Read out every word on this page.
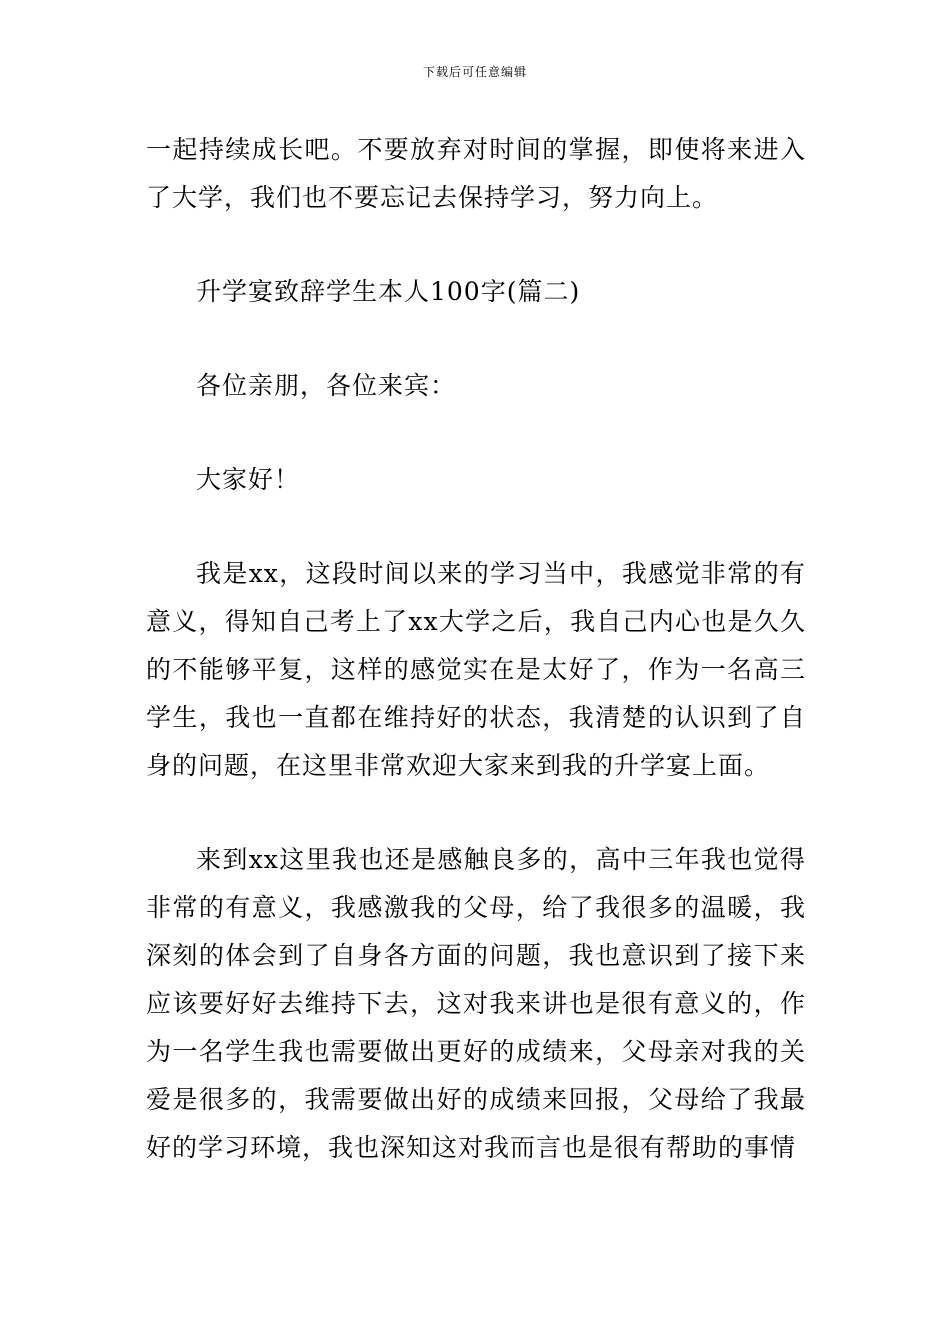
下载后可任意编辑

一起持续成长吧。不要放弃对时间的掌握，即使将来进入了大学，我们也不要忘记去保持学习，努力向上。

升学宴致辞学生本人100字(篇二)

各位亲朋，各位来宾：

大家好！

我是xx，这段时间以来的学习当中，我感觉非常的有意义，得知自己考上了xx大学之后，我自己内心也是久久的不能够平复，这样的感觉实在是太好了，作为一名高三学生，我也一直都在维持好的状态，我清楚的认识到了自身的问题，在这里非常欢迎大家来到我的升学宴上面。

来到xx这里我也还是感触良多的，高中三年我也觉得非常的有意义，我感激我的父母，给了我很多的温暖，我深刻的体会到了自身各方面的问题，我也意识到了接下来应该要好好去维持下去，这对我来讲也是很有意义的，作为一名学生我也需要做出更好的成绩来，父母亲对我的关爱是很多的，我需要做出好的成绩来回报，父母给了我最好的学习环境，我也深知这对我而言也是很有帮助的事情
